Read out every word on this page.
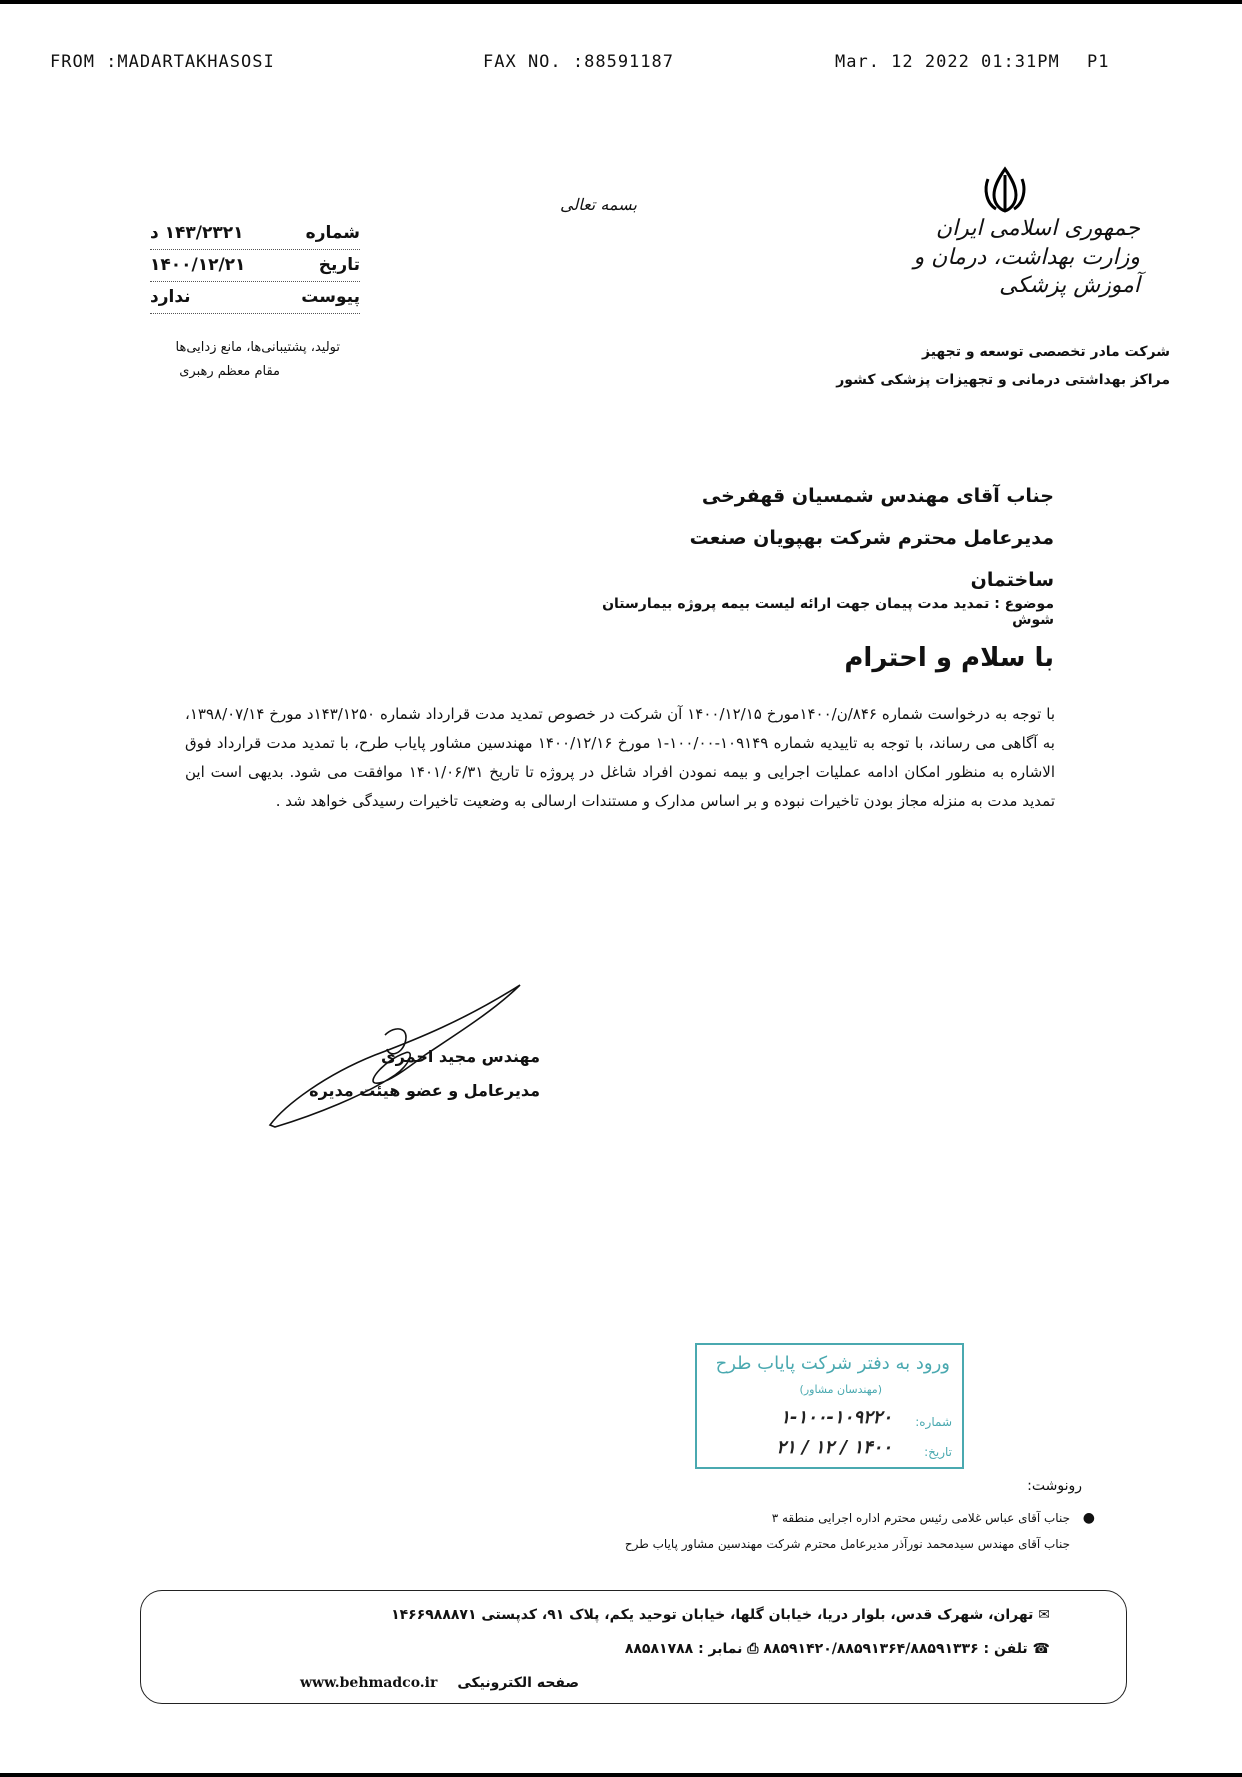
FROM :MADARTAKHASOSI	FAX NO. :88591187	Mar. 12 2022 01:31PM P1
بسمه تعالی
جمهوری اسلامی ایران
وزارت بهداشت، درمان و آموزش پزشکی
شماره
۱۴۳/۲۳۲۱ د
تاریخ
۱۴۰۰/۱۲/۲۱
پیوست
ندارد
تولید، پشتیبانی‌ها، مانع زدایی‌ها
مقام معظم رهبری
شرکت مادر تخصصی توسعه و تجهیز
مراکز بهداشتی درمانی و تجهیزات پزشکی کشور
جناب آقای مهندس شمسیان قهفرخی
مدیرعامل محترم شرکت بهپویان صنعت ساختمان
موضوع : تمدید مدت پیمان جهت ارائه لیست بیمه پروژه بیمارستان شوش
با سلام و احترام
با توجه به درخواست شماره ۸۴۶/ن/۱۴۰۰مورخ ۱۴۰۰/۱۲/۱۵ آن شرکت در خصوص تمدید مدت قرارداد شماره ۱۴۳/۱۲۵۰د مورخ ۱۳۹۸/۰۷/۱۴، به آگاهی می رساند، با توجه به تاییدیه شماره ۱۰۹۱۴۹-۱۰۰/۰۰-۱ مورخ ۱۴۰۰/۱۲/۱۶ مهندسین مشاور پایاب طرح، با تمدید مدت قرارداد فوق الاشاره به منظور امکان ادامه عملیات اجرایی و بیمه نمودن افراد شاغل در پروژه تا تاریخ ۱۴۰۱/۰۶/۳۱ موافقت می شود. بدیهی است این تمدید مدت به منزله مجاز بودن تاخیرات نبوده و بر اساس مدارک و مستندات ارسالی به وضعیت تاخیرات رسیدگی خواهد شد .
مهندس مجید احمری
مدیرعامل و عضو هیئت مدیره
ورود به دفتر شرکت پایاب طرح
(مهندسان مشاور)
شماره:
۱-۱۰۰-۱۰۹۲۲۰
تاریخ:
۱۴۰۰ / ۱۲ / ۲۱
رونوشت:
●
جناب آقای عباس غلامی رئیس محترم اداره اجرایی منطقه ۳
جناب آقای مهندس سیدمحمد نورآذر مدیرعامل محترم شرکت مهندسین مشاور پایاب طرح
✉ تهران، شهرک قدس، بلوار دریا، خیابان گلها، خیابان توحید یکم، پلاک ۹۱، کدپستی ۱۴۶۶۹۸۸۸۷۱
☎ تلفن : ۸۸۵۹۱۴۲۰/۸۸۵۹۱۳۶۴/۸۸۵۹۱۳۳۶ ⎙ نمابر : ۸۸۵۸۱۷۸۸
صفحه الکترونیکی
www.behmadco.ir
